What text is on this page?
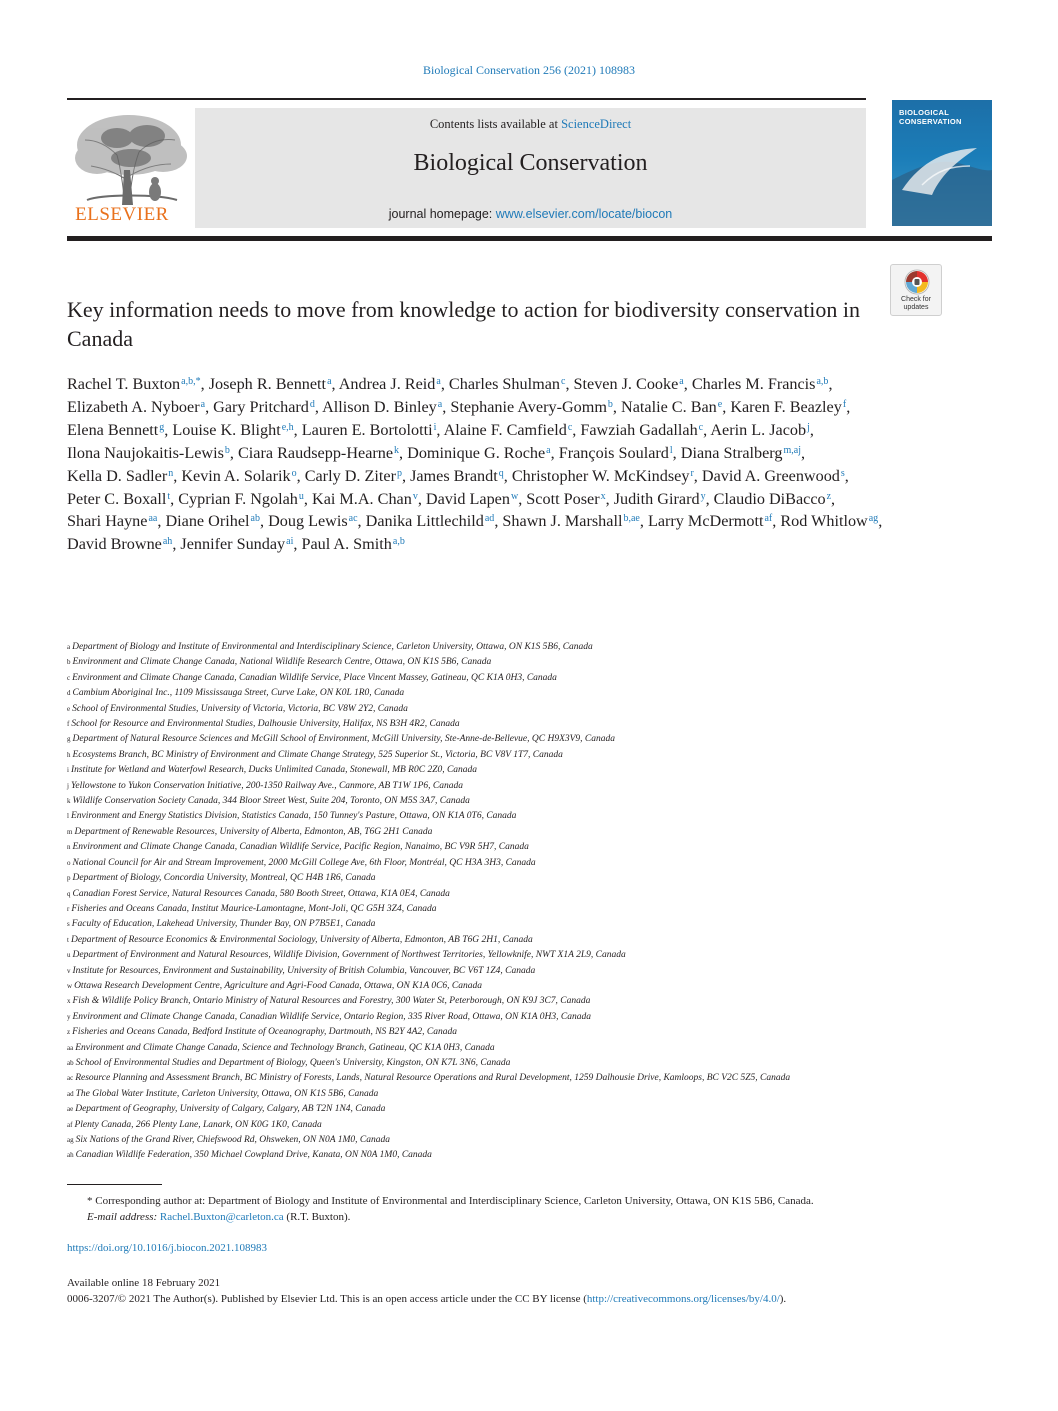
Biological Conservation 256 (2021) 108983
ELSEVIER
Contents lists available at ScienceDirect
Biological Conservation
journal homepage: www.elsevier.com/locate/biocon
BIOLOGICAL CONSERVATION
Check for updates
Key information needs to move from knowledge to action for biodiversity conservation in Canada
Rachel T. Buxton$^{a,b,*}$, Joseph R. Bennett$^a$, Andrea J. Reid$^a$, Charles Shulman$^c$, Steven J. Cooke$^a$, Charles M. Francis$^{a,b}$, Elizabeth A. Nyboer$^a$, Gary Pritchard$^d$, Allison D. Binley$^a$, Stephanie Avery-Gomm$^b$, Natalie C. Ban$^e$, Karen F. Beazley$^f$, Elena Bennett$^g$, Louise K. Blight$^{e,h}$, Lauren E. Bortolotti$^i$, Alaine F. Camfield$^c$, Fawziah Gadallah$^c$, Aerin L. Jacob$^j$, Ilona Naujokaitis-Lewis$^b$, Ciara Raudsepp-Hearne$^k$, Dominique G. Roche$^a$, François Soulard$^l$, Diana Stralberg$^{m,aj}$, Kella D. Sadler$^n$, Kevin A. Solarik$^o$, Carly D. Ziter$^p$, James Brandt$^q$, Christopher W. McKindsey$^r$, David A. Greenwood$^s$, Peter C. Boxall$^t$, Cyprian F. Ngolah$^u$, Kai M.A. Chan$^v$, David Lapen$^w$, Scott Poser$^x$, Judith Girard$^y$, Claudio DiBacco$^z$, Shari Hayne$^{aa}$, Diane Orihel$^{ab}$, Doug Lewis$^{ac}$, Danika Littlechild$^{ad}$, Shawn J. Marshall$^{b,ae}$, Larry McDermott$^{af}$, Rod Whitlow$^{ag}$, David Browne$^{ah}$, Jennifer Sunday$^{ai}$, Paul A. Smith$^{a,b}$
$^a$ Department of Biology and Institute of Environmental and Interdisciplinary Science, Carleton University, Ottawa, ON K1S 5B6, Canada
$^b$ Environment and Climate Change Canada, National Wildlife Research Centre, Ottawa, ON K1S 5B6, Canada
$^c$ Environment and Climate Change Canada, Canadian Wildlife Service, Place Vincent Massey, Gatineau, QC K1A 0H3, Canada
$^d$ Cambium Aboriginal Inc., 1109 Mississauga Street, Curve Lake, ON K0L 1R0, Canada
$^e$ School of Environmental Studies, University of Victoria, Victoria, BC V8W 2Y2, Canada
$^f$ School for Resource and Environmental Studies, Dalhousie University, Halifax, NS B3H 4R2, Canada
$^g$ Department of Natural Resource Sciences and McGill School of Environment, McGill University, Ste-Anne-de-Bellevue, QC H9X3V9, Canada
$^h$ Ecosystems Branch, BC Ministry of Environment and Climate Change Strategy, 525 Superior St., Victoria, BC V8V 1T7, Canada
$^i$ Institute for Wetland and Waterfowl Research, Ducks Unlimited Canada, Stonewall, MB R0C 2Z0, Canada
$^j$ Yellowstone to Yukon Conservation Initiative, 200-1350 Railway Ave., Canmore, AB T1W 1P6, Canada
$^k$ Wildlife Conservation Society Canada, 344 Bloor Street West, Suite 204, Toronto, ON M5S 3A7, Canada
$^l$ Environment and Energy Statistics Division, Statistics Canada, 150 Tunney's Pasture, Ottawa, ON K1A 0T6, Canada
$^m$ Department of Renewable Resources, University of Alberta, Edmonton, AB, T6G 2H1 Canada
$^n$ Environment and Climate Change Canada, Canadian Wildlife Service, Pacific Region, Nanaimo, BC V9R 5H7, Canada
$^o$ National Council for Air and Stream Improvement, 2000 McGill College Ave, 6th Floor, Montréal, QC H3A 3H3, Canada
$^p$ Department of Biology, Concordia University, Montreal, QC H4B 1R6, Canada
$^q$ Canadian Forest Service, Natural Resources Canada, 580 Booth Street, Ottawa, K1A 0E4, Canada
$^r$ Fisheries and Oceans Canada, Institut Maurice-Lamontagne, Mont-Joli, QC G5H 3Z4, Canada
$^s$ Faculty of Education, Lakehead University, Thunder Bay, ON P7B5E1, Canada
$^t$ Department of Resource Economics & Environmental Sociology, University of Alberta, Edmonton, AB T6G 2H1, Canada
$^u$ Department of Environment and Natural Resources, Wildlife Division, Government of Northwest Territories, Yellowknife, NWT X1A 2L9, Canada
$^v$ Institute for Resources, Environment and Sustainability, University of British Columbia, Vancouver, BC V6T 1Z4, Canada
$^w$ Ottawa Research Development Centre, Agriculture and Agri-Food Canada, Ottawa, ON K1A 0C6, Canada
$^x$ Fish & Wildlife Policy Branch, Ontario Ministry of Natural Resources and Forestry, 300 Water St, Peterborough, ON K9J 3C7, Canada
$^y$ Environment and Climate Change Canada, Canadian Wildlife Service, Ontario Region, 335 River Road, Ottawa, ON K1A 0H3, Canada
$^z$ Fisheries and Oceans Canada, Bedford Institute of Oceanography, Dartmouth, NS B2Y 4A2, Canada
$^{aa}$ Environment and Climate Change Canada, Science and Technology Branch, Gatineau, QC K1A 0H3, Canada
$^{ab}$ School of Environmental Studies and Department of Biology, Queen's University, Kingston, ON K7L 3N6, Canada
$^{ac}$ Resource Planning and Assessment Branch, BC Ministry of Forests, Lands, Natural Resource Operations and Rural Development, 1259 Dalhousie Drive, Kamloops, BC V2C 5Z5, Canada
$^{ad}$ The Global Water Institute, Carleton University, Ottawa, ON K1S 5B6, Canada
$^{ae}$ Department of Geography, University of Calgary, Calgary, AB T2N 1N4, Canada
$^{af}$ Plenty Canada, 266 Plenty Lane, Lanark, ON K0G 1K0, Canada
$^{ag}$ Six Nations of the Grand River, Chiefswood Rd, Ohsweken, ON N0A 1M0, Canada
$^{ah}$ Canadian Wildlife Federation, 350 Michael Cowpland Drive, Kanata, ON N0A 1M0, Canada
* Corresponding author at: Department of Biology and Institute of Environmental and Interdisciplinary Science, Carleton University, Ottawa, ON K1S 5B6, Canada.
E-mail address: Rachel.Buxton@carleton.ca (R.T. Buxton).
https://doi.org/10.1016/j.biocon.2021.108983
Available online 18 February 2021
0006-3207/© 2021 The Author(s). Published by Elsevier Ltd. This is an open access article under the CC BY license (http://creativecommons.org/licenses/by/4.0/).
